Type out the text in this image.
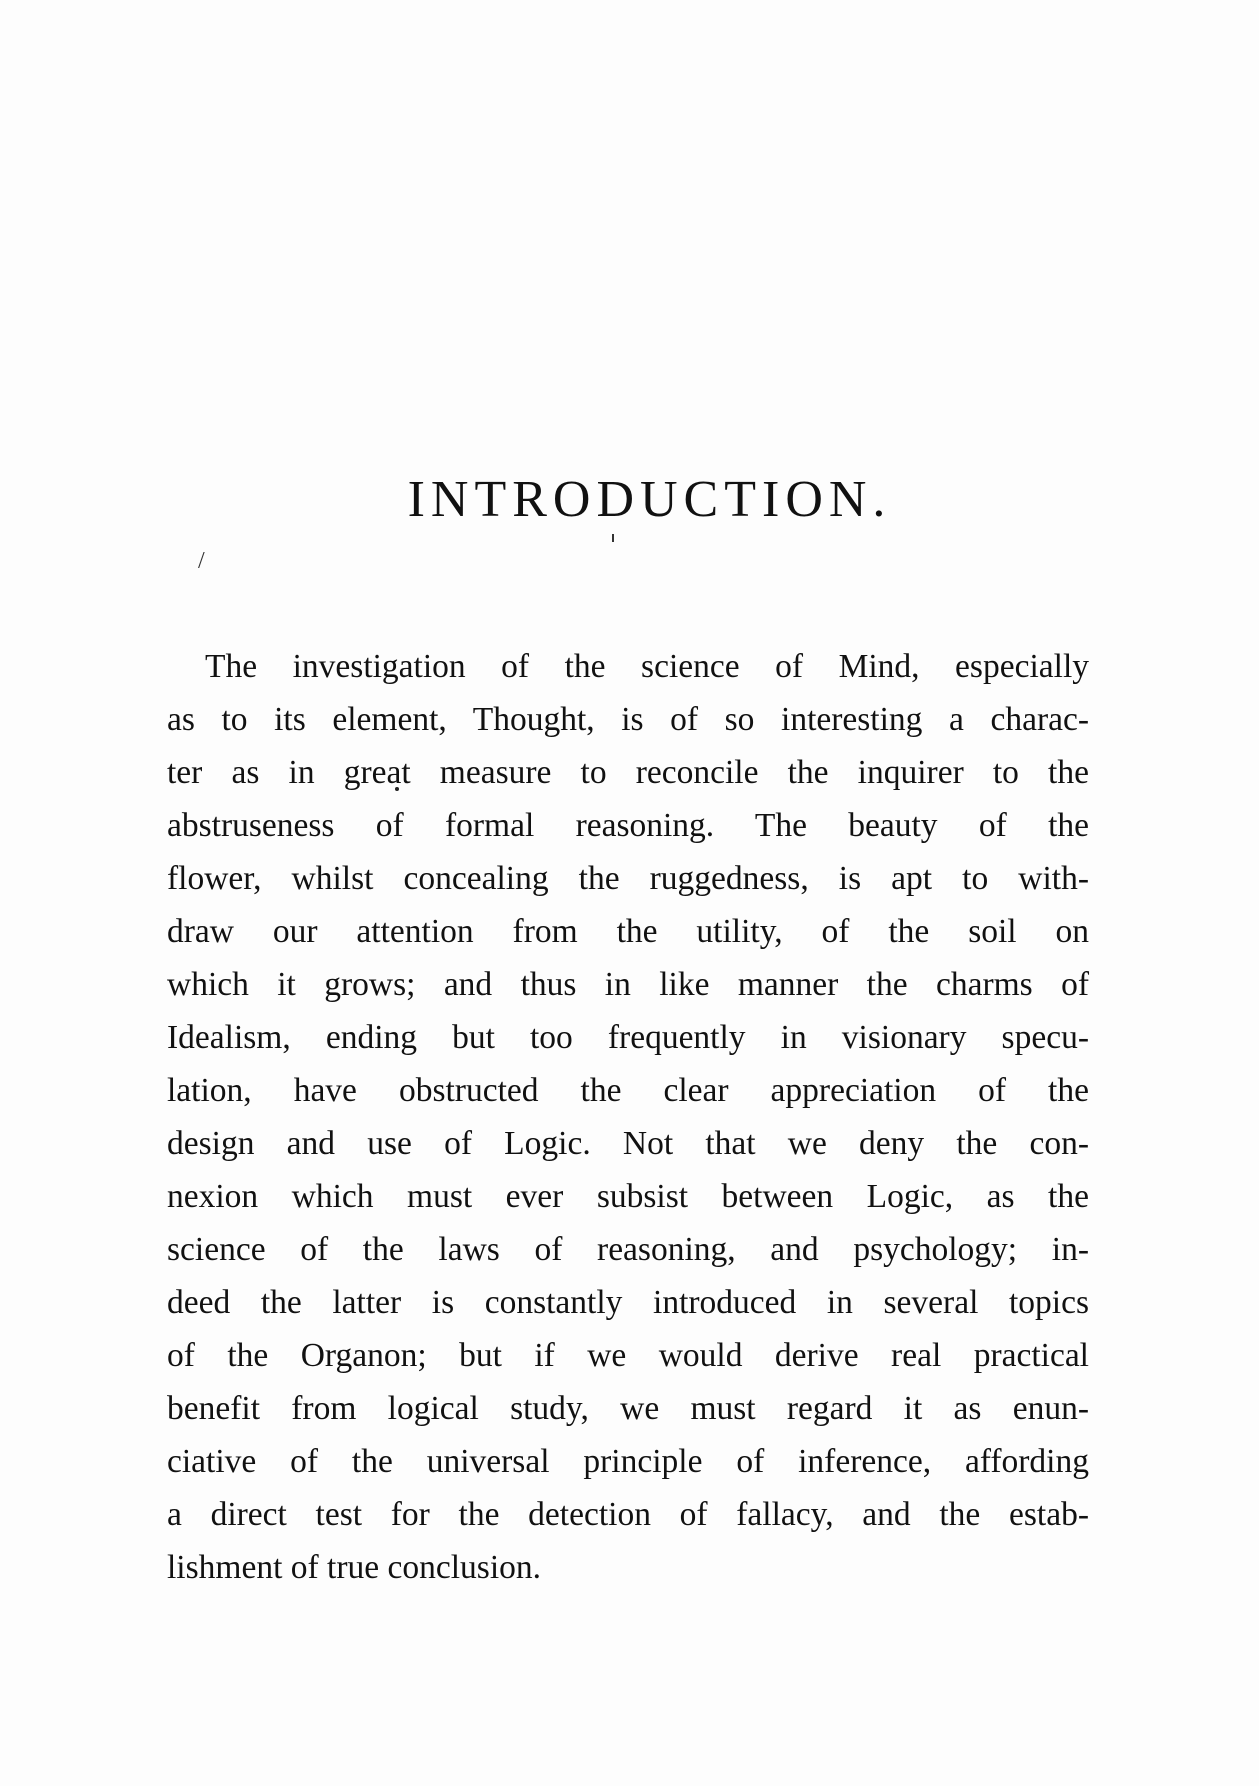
INTRODUCTION.
/
The investigation of the science of Mind, especially
as to its element, Thought, is of so interesting a charac-
ter as in great measure to reconcile the inquirer to the
abstruseness of formal reasoning. The beauty of the
flower, whilst concealing the ruggedness, is apt to with-
draw our attention from the utility, of the soil on
which it grows; and thus in like manner the charms of
Idealism, ending but too frequently in visionary specu-
lation, have obstructed the clear appreciation of the
design and use of Logic. Not that we deny the con-
nexion which must ever subsist between Logic, as the
science of the laws of reasoning, and psychology; in-
deed the latter is constantly introduced in several topics
of the Organon; but if we would derive real practical
benefit from logical study, we must regard it as enun-
ciative of the universal principle of inference, affording
a direct test for the detection of fallacy, and the estab-
lishment of true conclusion.
